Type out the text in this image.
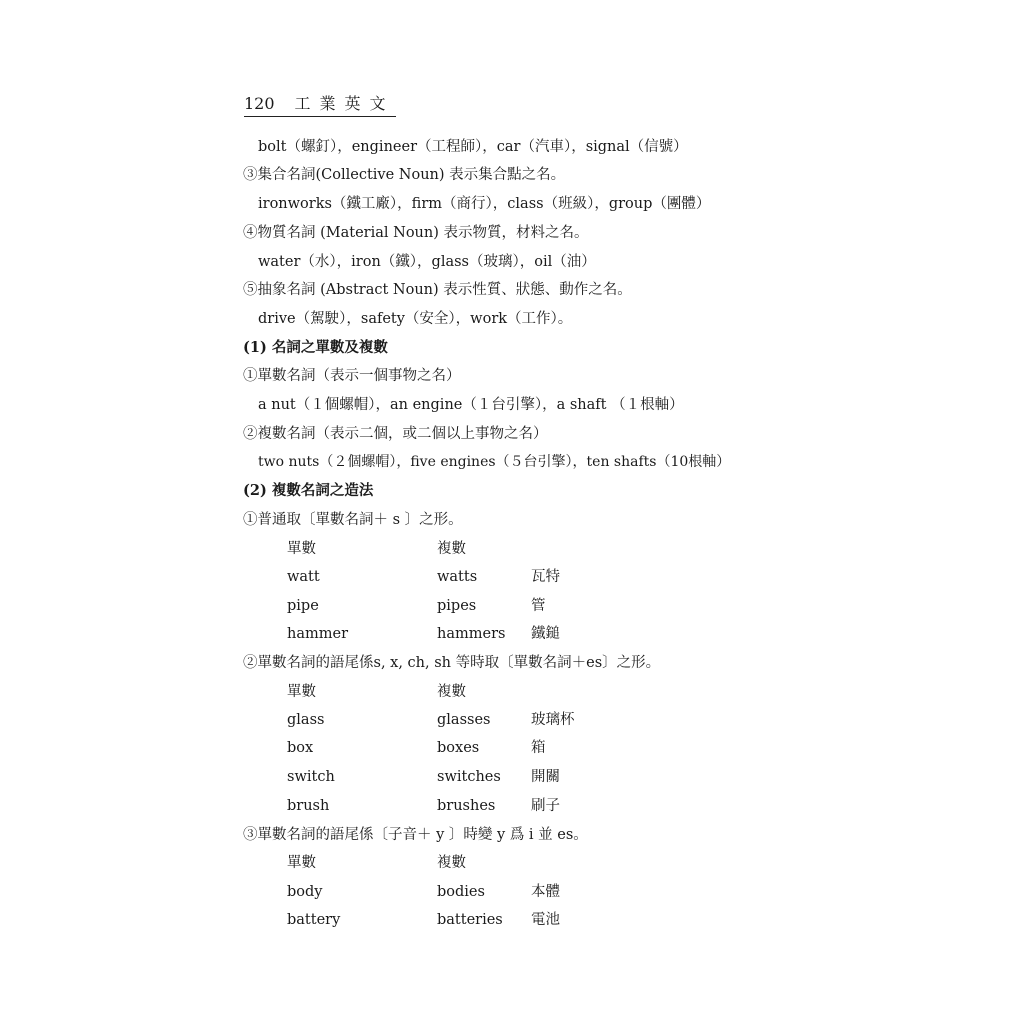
120 工業英文
bolt（螺釘），engineer（工程師），car（汽車），signal（信號）
③集合名詞(Collective Noun) 表示集合點之名。
ironworks（鐵工廠），firm（商行），class（班級），group（團體）
④物質名詞 (Material Noun) 表示物質，材料之名。
water（水），iron（鐵），glass（玻璃），oil（油）
⑤抽象名詞 (Abstract Noun) 表示性質、狀態、動作之名。
drive（駕駛），safety（安全），work（工作）。
(1) 名詞之單數及複數
①單數名詞（表示一個事物之名）
a nut（１個螺帽），an engine（１台引擎），a shaft （１根軸）
②複數名詞（表示二個，或二個以上事物之名）
two nuts（２個螺帽），five engines（５台引擎），ten shafts（10根軸）
(2) 複數名詞之造法
①普通取〔單數名詞＋ s 〕之形。
單數	複數
watt	watts	瓦特
pipe	pipes	管
hammer	hammers 鐵鎚
②單數名詞的語尾係s, x, ch, sh 等時取〔單數名詞＋es〕之形。
單數	複數
glass	glasses	玻璃杯
box	boxes	箱
switch	switches 開關
brush	brushes 刷子
③單數名詞的語尾係〔子音＋ y 〕時變 y 爲 i 並 es。
單數	複數
body	bodies	本體
battery	batteries 電池
